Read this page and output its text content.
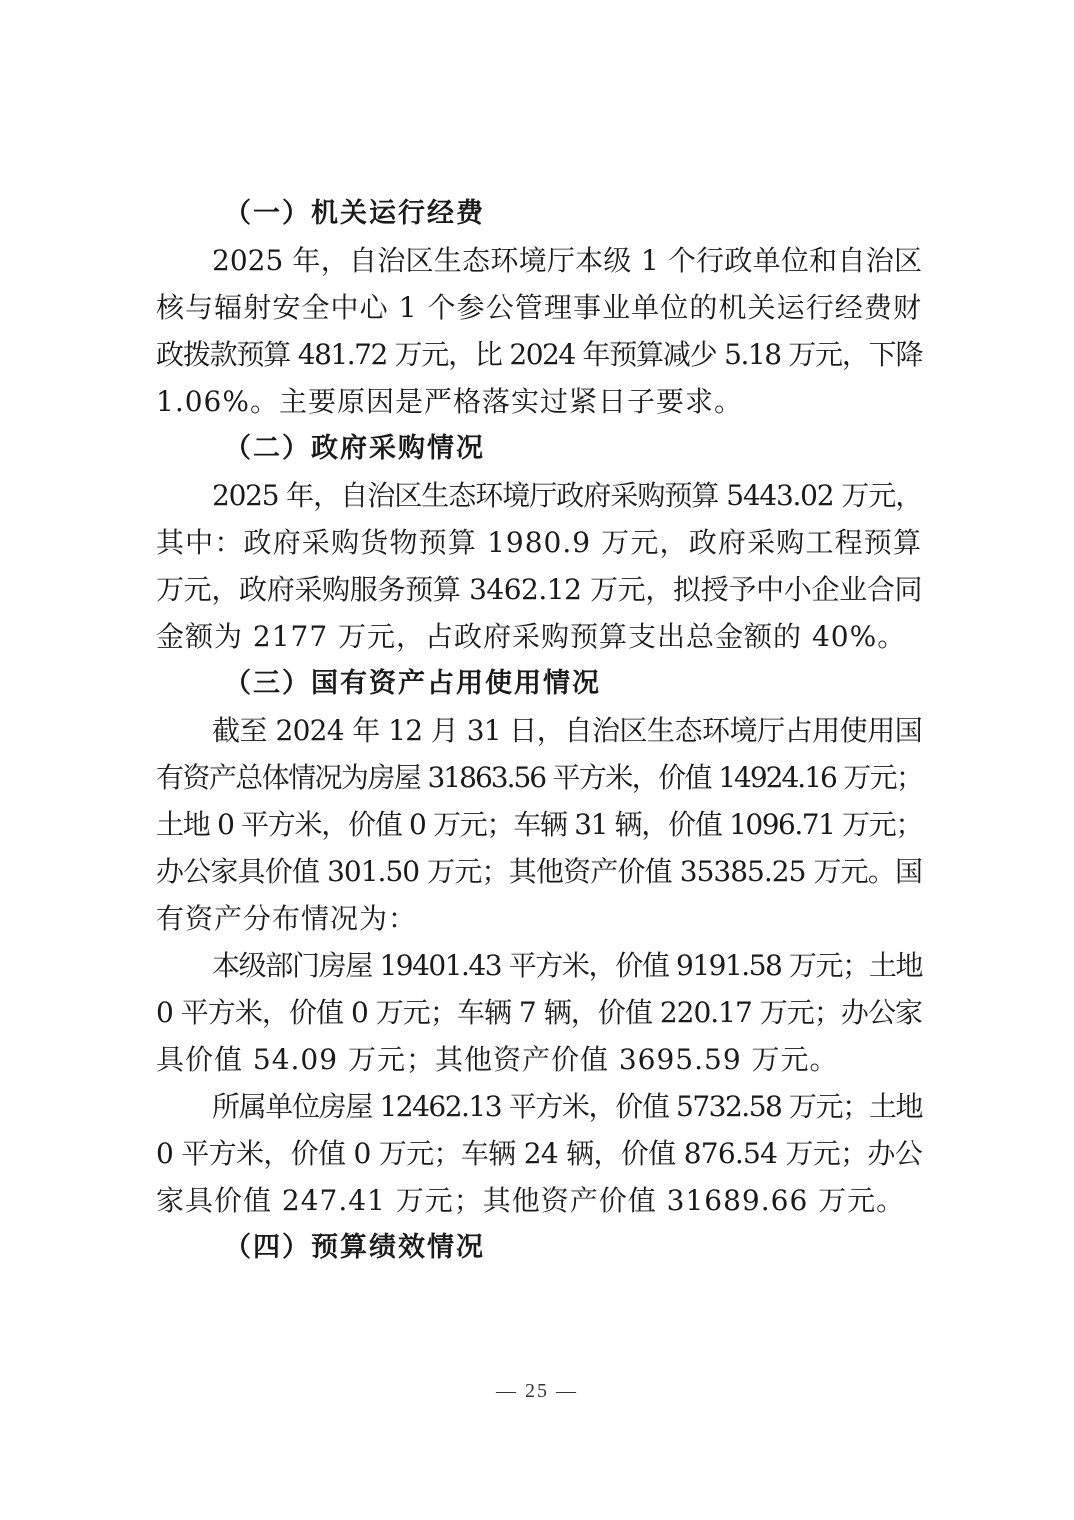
（一）机关运行经费
2025 年，自治区生态环境厅本级 1 个行政单位和自治区
核与辐射安全中心 1 个参公管理事业单位的机关运行经费财
政拨款预算 481.72 万元，比 2024 年预算减少 5.18 万元，下降
1.06%。主要原因是严格落实过紧日子要求。
（二）政府采购情况
2025 年，自治区生态环境厅政府采购预算 5443.02 万元，
其中：政府采购货物预算 1980.9 万元，政府采购工程预算
万元，政府采购服务预算 3462.12 万元，拟授予中小企业合同
金额为 2177 万元，占政府采购预算支出总金额的 40%。
（三）国有资产占用使用情况
截至 2024 年 12 月 31 日，自治区生态环境厅占用使用国
有资产总体情况为房屋 31863.56 平方米，价值 14924.16 万元；
土地 0 平方米，价值 0 万元；车辆 31 辆，价值 1096.71 万元；
办公家具价值 301.50 万元；其他资产价值 35385.25 万元。国
有资产分布情况为：
本级部门房屋 19401.43 平方米，价值 9191.58 万元；土地
0 平方米，价值 0 万元；车辆 7 辆，价值 220.17 万元；办公家
具价值 54.09 万元；其他资产价值 3695.59 万元。
所属单位房屋 12462.13 平方米，价值 5732.58 万元；土地
0 平方米，价值 0 万元；车辆 24 辆，价值 876.54 万元；办公
家具价值 247.41 万元；其他资产价值 31689.66 万元。
（四）预算绩效情况
— 25 —
